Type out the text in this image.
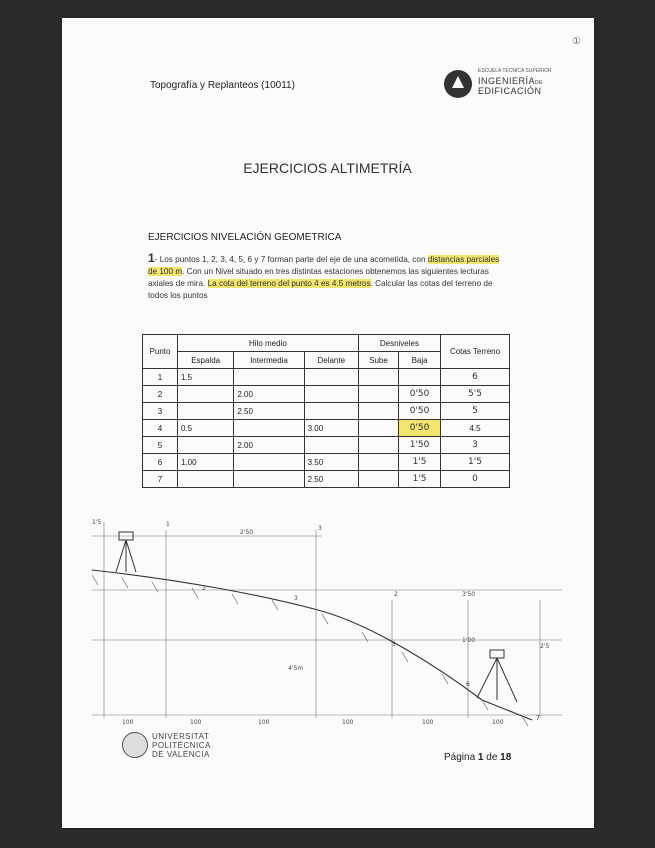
①
Topografía y Replanteos (10011)
ESCUELA TÉCNICA SUPERIOR
INGENIERÍADE
EDIFICACIÓN
EJERCICIOS ALTIMETRÍA
EJERCICIOS NIVELACIÓN GEOMETRICA
1- Los puntos 1, 2, 3, 4, 5, 6 y 7 forman parte del eje de una acometida, con distancias parciales de 100 m. Con un Nivel situado en tres distintas estaciones obtenemos las siguientes lecturas axiales de mira. La cota del terreno del punto 4 es 4.5 metros. Calcular las cotas del terreno de todos los puntos
Punto	Hilo medio			Desniveles		Cotas Terreno
	Espalda	Intermedia	Delante	Sube	Baja	
1	1.5					6
2		2.00			0'50	5'5
3		2.50			0'50	5
4	0.5		3.00		0'50	4.5
5		2.00			1'50	3
6	1.00		3.50		1'5	1'5
7			2.50		1'5	0
1'5
2'50
3
1
2
3
2
3'50
1'00
2'5
4'5m
5
6
7
100	100	100	100	100	100
UNIVERSITAT
POLITÈCNICA
DE VALÈNCIA	Página 1 de 18
